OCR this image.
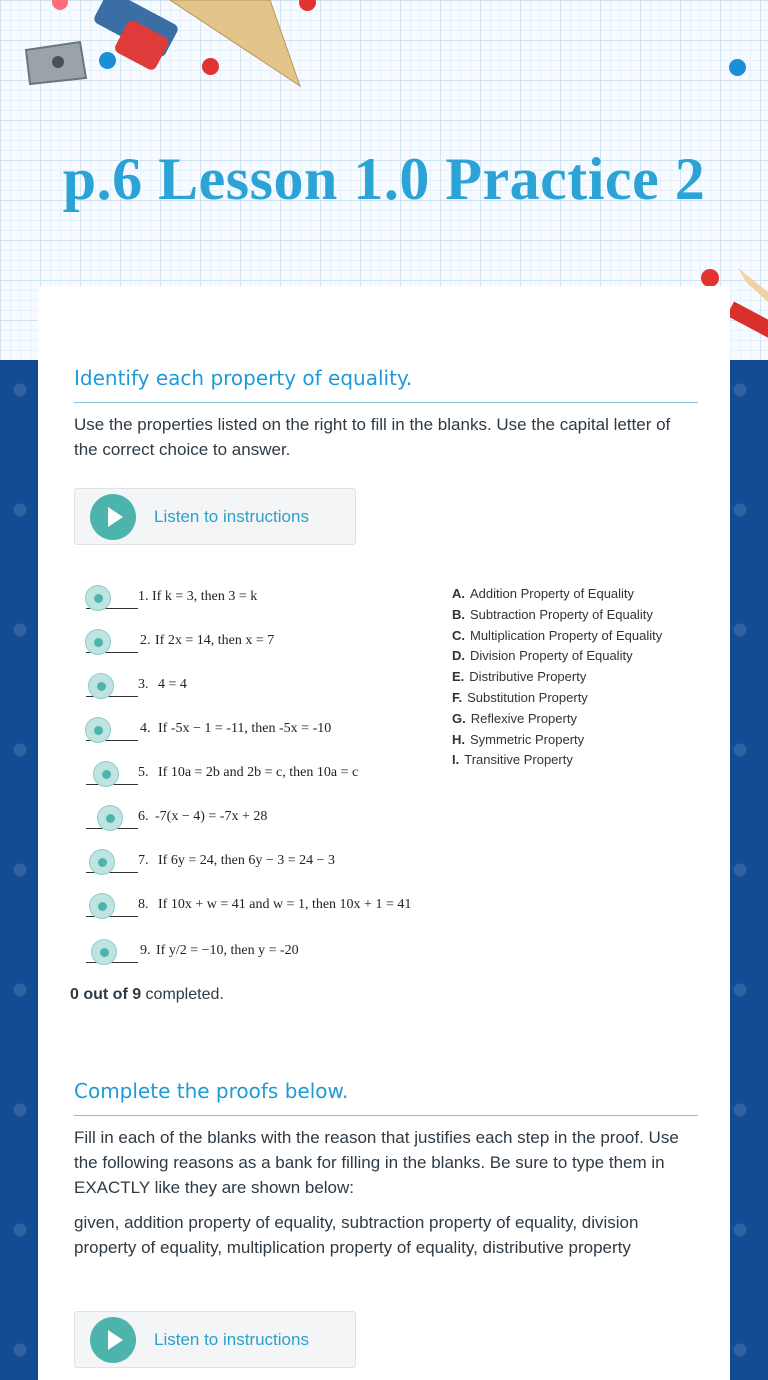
p.6 Lesson 1.0 Practice 2
Identify each property of equality.

Use the properties listed on the right to fill in the blanks. Use the capital letter of the correct choice to answer.

Listen to instructions
1. If k = 3, then 3 = k
2. If 2x = 14, then x = 7
3. 4 = 4
4. If -5x − 1 = -11, then -5x = -10
5. If 10a = 2b and 2b = c, then 10a = c
6. -7(x − 4) = -7x + 28
7. If 6y = 24, then 6y − 3 = 24 − 3
8. If 10x + w = 41 and w = 1, then 10x + 1 = 41
9. If y/2 = −10, then y = -20
A. Addition Property of Equality
B. Subtraction Property of Equality
C. Multiplication Property of Equality
D. Division Property of Equality
E. Distributive Property
F. Substitution Property
G. Reflexive Property
H. Symmetric Property
I. Transitive Property
0 out of 9 completed.
Complete the proofs below.

Fill in each of the blanks with the reason that justifies each step in the proof. Use the following reasons as a bank for filling in the blanks. Be sure to type them in EXACTLY like they are shown below:

given, addition property of equality, subtraction property of equality, division property of equality, multiplication property of equality, distributive property

Listen to instructions
